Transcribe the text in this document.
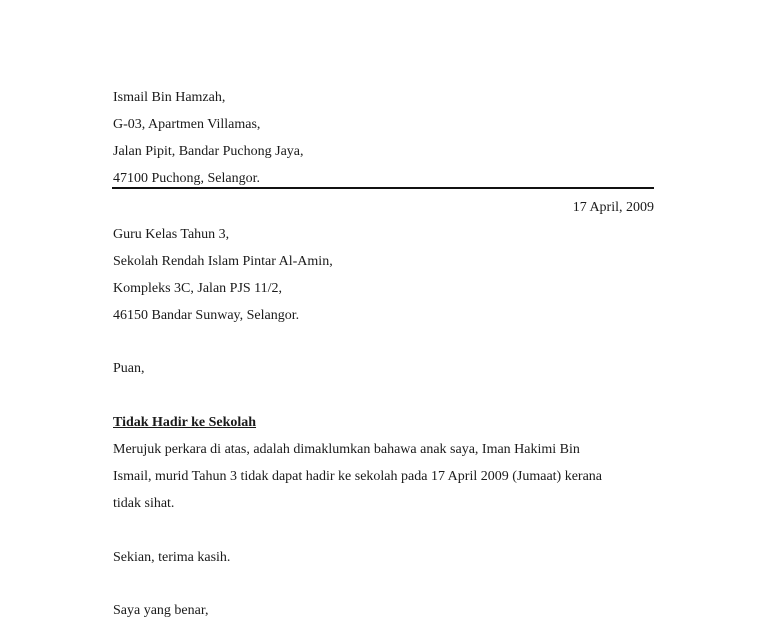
Ismail Bin Hamzah,
G-03, Apartmen Villamas,
Jalan Pipit, Bandar Puchong Jaya,
47100 Puchong, Selangor.
17 April, 2009
Guru Kelas Tahun 3,
Sekolah Rendah Islam Pintar Al-Amin,
Kompleks 3C, Jalan PJS 11/2,
46150 Bandar Sunway, Selangor.
Puan,
Tidak Hadir ke Sekolah
Merujuk perkara di atas, adalah dimaklumkan bahawa anak saya, Iman Hakimi Bin
Ismail, murid Tahun 3 tidak dapat hadir ke sekolah pada 17 April 2009 (Jumaat) kerana
tidak sihat.
Sekian, terima kasih.
Saya yang benar,
